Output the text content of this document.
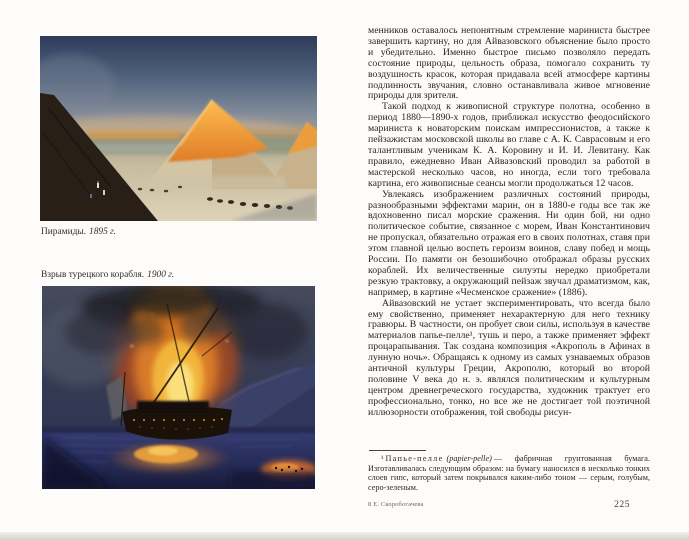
Пирамиды. 1895 г.
Взрыв турецкого корабля. 1900 г.

менников оставалось непонятным стремление мариниста быстрее завершить картину, но для Айвазовского объяснение было просто и убедительно. Именно быстрое письмо позволяло передать состояние природы, цельность образа, помогало сохранить ту воздушность красок, которая придавала всей атмосфере картины подлинность звучания, словно останавливала живое мгновение природы для зрителя.

Такой подход к живописной структуре полотна, особенно в период 1880—1890-х годов, приближал искусство феодосийского мариниста к новаторским поискам импрессионистов, а также к пейзажистам московской школы во главе с А. К. Саврасовым и его талантливым ученикам К. А. Коровину и И. И. Левитану. Как правило, ежедневно Иван Айвазовский проводил за работой в мастерской несколько часов, но иногда, если того требовала картина, его живописные сеансы могли продолжаться 12 часов.

Увлекаясь изображением различных состояний природы, разнообразными эффектами марин, он в 1880-е годы все так же вдохновенно писал морские сражения. Ни один бой, ни одно политическое событие, связанное с морем, Иван Константинович не пропускал, обязательно отражая его в своих полотнах, ставя при этом главной целью воспеть героизм воинов, славу побед и мощь России. По памяти он безошибочно отображал образы русских кораблей. Их величественные силуэты нередко приобретали резкую трактовку, а окружающий пейзаж звучал драматизмом, как, например, в картине «Чесменское сражение» (1886).

Айвазовский не устает экспериментировать, что всегда было ему свойственно, применяет нехарактерную для него технику гравюры. В частности, он пробует свои силы, используя в качестве материалов папье-пелле¹, тушь и перо, а также применяет эффект процарапывания. Так создана композиция «Акрополь в Афинах в лунную ночь». Обращаясь к одному из самых узнаваемых образов античной культуры Греции, Акрополю, который во второй половине V века до н. э. являлся политическим и культурным центром древнегреческого государства, художник трактует его профессионально, тонко, но все же не достигает той поэтичной иллюзорности отображения, той свободы рисун-

¹ Папье-пелле (papier-pelle) — фабричная грунтованная бумага. Изготавливалась следующим образом: на бумагу наносился в несколько тонких слоев гипс, который затем покрывался каким-либо тоном — серым, голубым, серо-зеленым.
8 Е. Скоробогачева	225
